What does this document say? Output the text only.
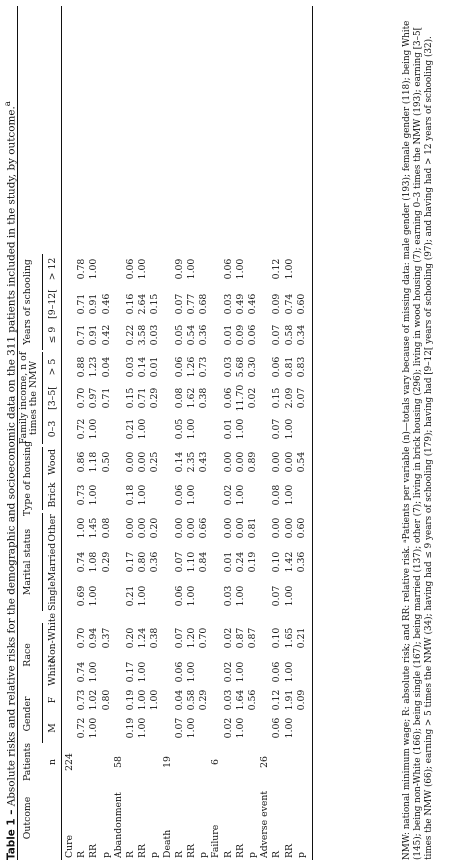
Table 1 – Absolute risks and relative risks for the demographic and socioeconomic data on the 311 patients included in the study, by outcome.$^a$	NMW: national minimum wage; R: absolute risk; and RR: relative risk. ᵃPatients per variable (n)—totals vary because of missing data: male gender (193); female gender (118); being White (145); being non-White (166); being single (167); being married (137); other (7); living in brick housing (296); living in wood housing (7); earning 0–3 times the NMW (193); earning [3–5[ times the NMW (66); earning > 5 times the NMW (34); having had ≤ 9 years of schooling (179); having had [9–12[ years of schooling (97); and having had > 12 years of schooling (32).
Outcome
Patients
Gender
Race
Marital status
Type of housing
Family income, n of times the NMW
Years of schooling
n
M
F
White
Non-White
Single
Married
Other
Brick
Wood
0–3
[3–5[
> 5
≤ 9
[9–12[
> 12
Cure
224
R
0.72
0.73
0.74
0.70
0.69
0.74
1.00
0.73
0.86
0.72
0.70
0.88
0.71
0.71
0.78
RR
1.00
1.02
1.00
0.94
1.00
1.08
1.45
1.00
1.18
1.00
0.97
1.23
0.91
0.91
1.00
p
0.80
0.37
0.29
0.08
0.50
0.71
0.04
0.42
0.46
Abandonment
58
R
0.19
0.19
0.17
0.20
0.21
0.17
0.00
0.18
0.00
0.21
0.15
0.03
0.22
0.16
0.06
RR
1.00
1.00
1.00
1.24
1.00
0.80
0.00
1.00
0.00
1.00
0.71
0.14
3.58
2.64
1.00
p
1.00
0.38
0.36
0.20
0.25
0.29
0.01
0.03
0.15
Death
19
R
0.07
0.04
0.06
0.07
0.06
0.07
0.00
0.06
0.14
0.05
0.08
0.06
0.05
0.07
0.09
RR
1.00
0.58
1.00
1.20
1.00
1.10
0.00
1.00
2.35
1.00
1.62
1.26
0.54
0.77
1.00
p
0.29
0.70
0.84
0.66
0.43
0.38
0.73
0.36
0.68
Failure
6
R
0.02
0.03
0.02
0.02
0.03
0.01
0.00
0.02
0.00
0.01
0.06
0.03
0.01
0.03
0.06
RR
1.00
1.64
1.00
0.87
1.00
0.24
0.00
1.00
0.00
1.00
11.70
5.68
0.09
0.49
1.00
p
0.56
0.87
0.19
0.81
0.89
0.02
0.30
0.06
0.46
Adverse event
26
R
0.06
0.12
0.06
0.10
0.07
0.10
0.00
0.08
0.00
0.07
0.15
0.06
0.07
0.09
0.12
RR
1.00
1.91
1.00
1.65
1.00
1.42
0.00
1.00
0.00
1.00
2.09
0.81
0.58
0.74
1.00
p
0.09
0.21
0.36
0.60
0.54
0.07
0.83
0.34
0.60
